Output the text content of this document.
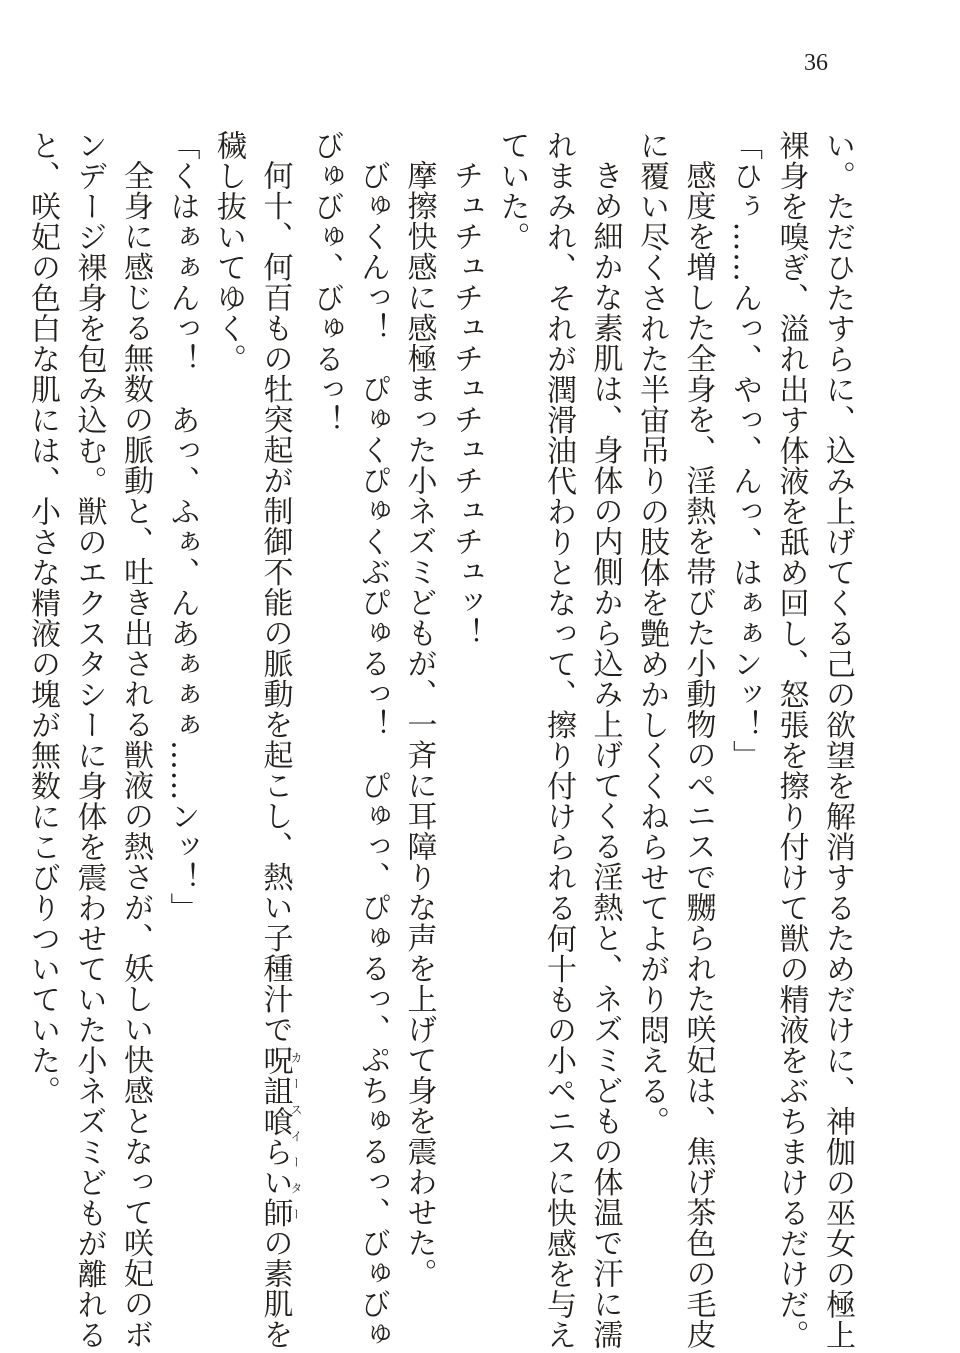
36

い。ただひたすらに、込み上げてくる己の欲望を解消するためだけに、神伽の巫女の極上

裸身を嗅ぎ、溢れ出す体液を舐め回し、怒張を擦り付けて獣の精液をぶちまけるだけだ。

「ひぅ……んっ、やっ、んっ、はぁぁンッ！」

感度を増した全身を、淫熱を帯びた小動物のペニスで嬲られた咲妃は、焦げ茶色の毛皮

に覆い尽くされた半宙吊りの肢体を艶めかしくくねらせてよがり悶える。

きめ細かな素肌は、身体の内側から込み上げてくる淫熱と、ネズミどもの体温で汗に濡

れまみれ、それが潤滑油代わりとなって、擦り付けられる何十もの小ペニスに快感を与え

ていた。

チュチュチュチュチュチュチュッ！

摩擦快感に感極まった小ネズミどもが、一斉に耳障りな声を上げて身を震わせた。

びゅくんっ！　ぴゅくぴゅくぶぴゅるっ！　ぴゅっ、ぴゅるっ、ぷちゅるっ、びゅびゅ

びゅびゅ、びゅるっ！

何十、何百もの牡突起が制御不能の脈動を起こし、熱い子種汁で呪詛喰らい師カースイーターの素肌を

穢し抜いてゆく。

「くはぁぁんっ！　あっ、ふぁ、んあぁぁぁ……ンッ！」

全身に感じる無数の脈動と、吐き出される獣液の熱さが、妖しい快感となって咲妃のボ

ンデージ裸身を包み込む。獣のエクスタシーに身体を震わせていた小ネズミどもが離れる

と、咲妃の色白な肌には、小さな精液の塊が無数にこびりついていた。
